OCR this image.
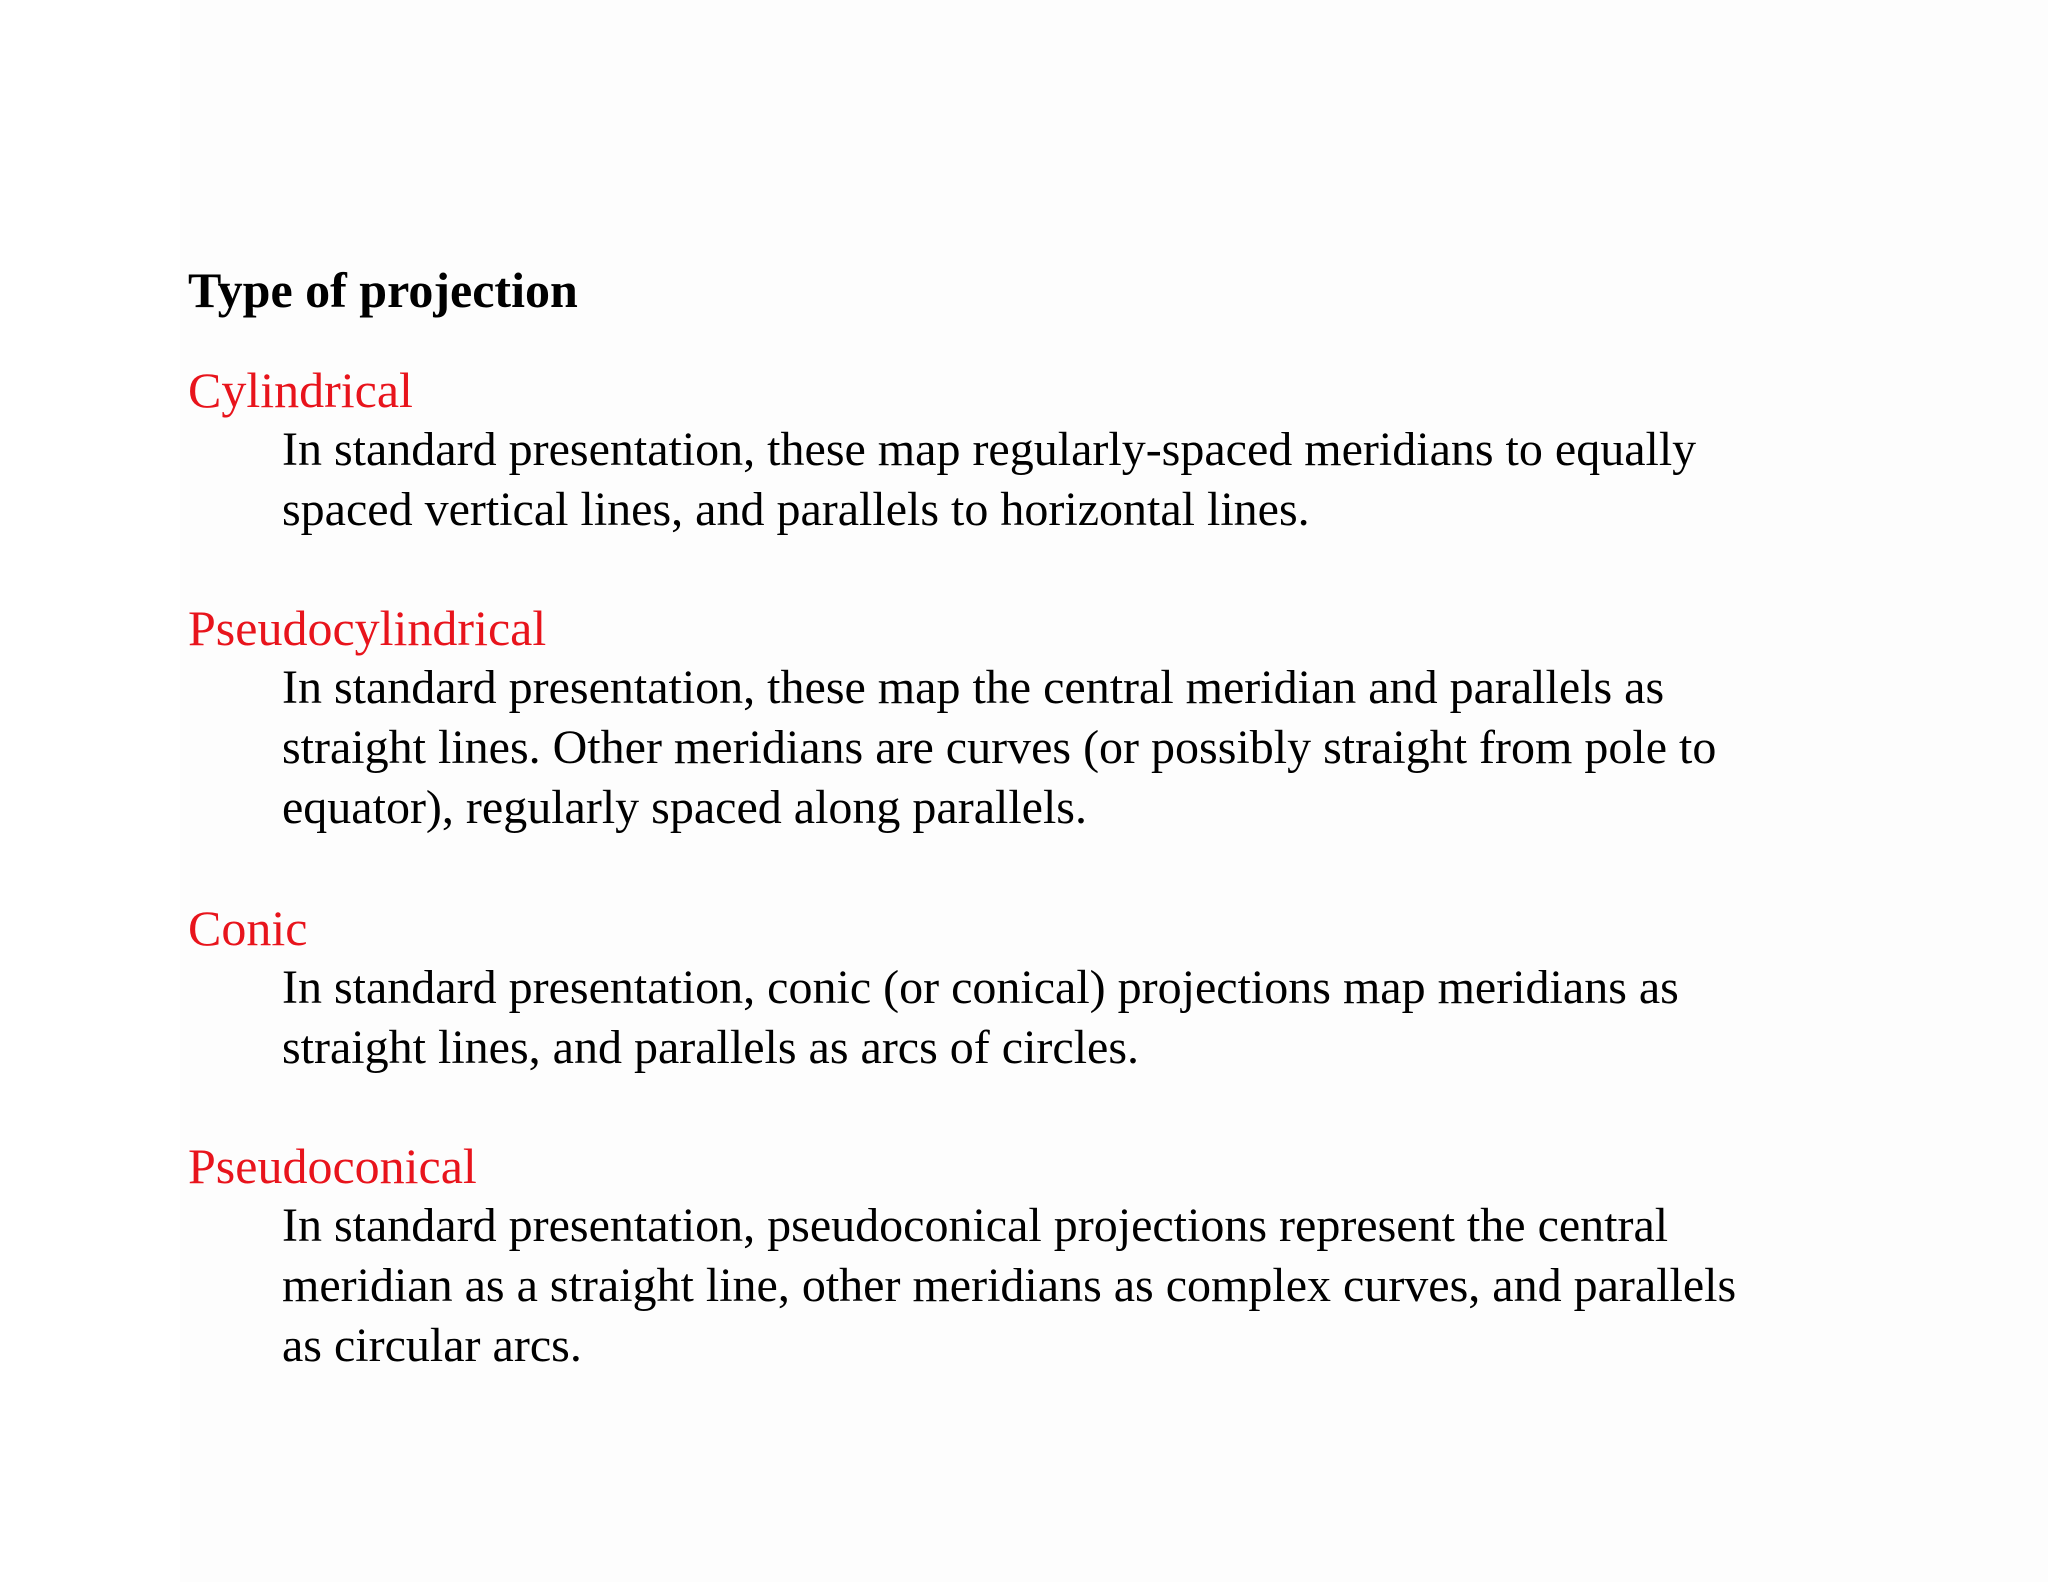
Type of projection
Cylindrical
In standard presentation, these map regularly-spaced meridians to equally
spaced vertical lines, and parallels to horizontal lines.
Pseudocylindrical
In standard presentation, these map the central meridian and parallels as
straight lines. Other meridians are curves (or possibly straight from pole to
equator), regularly spaced along parallels.
Conic
In standard presentation, conic (or conical) projections map meridians as
straight lines, and parallels as arcs of circles.
Pseudoconical
In standard presentation, pseudoconical projections represent the central
meridian as a straight line, other meridians as complex curves, and parallels
as circular arcs.
